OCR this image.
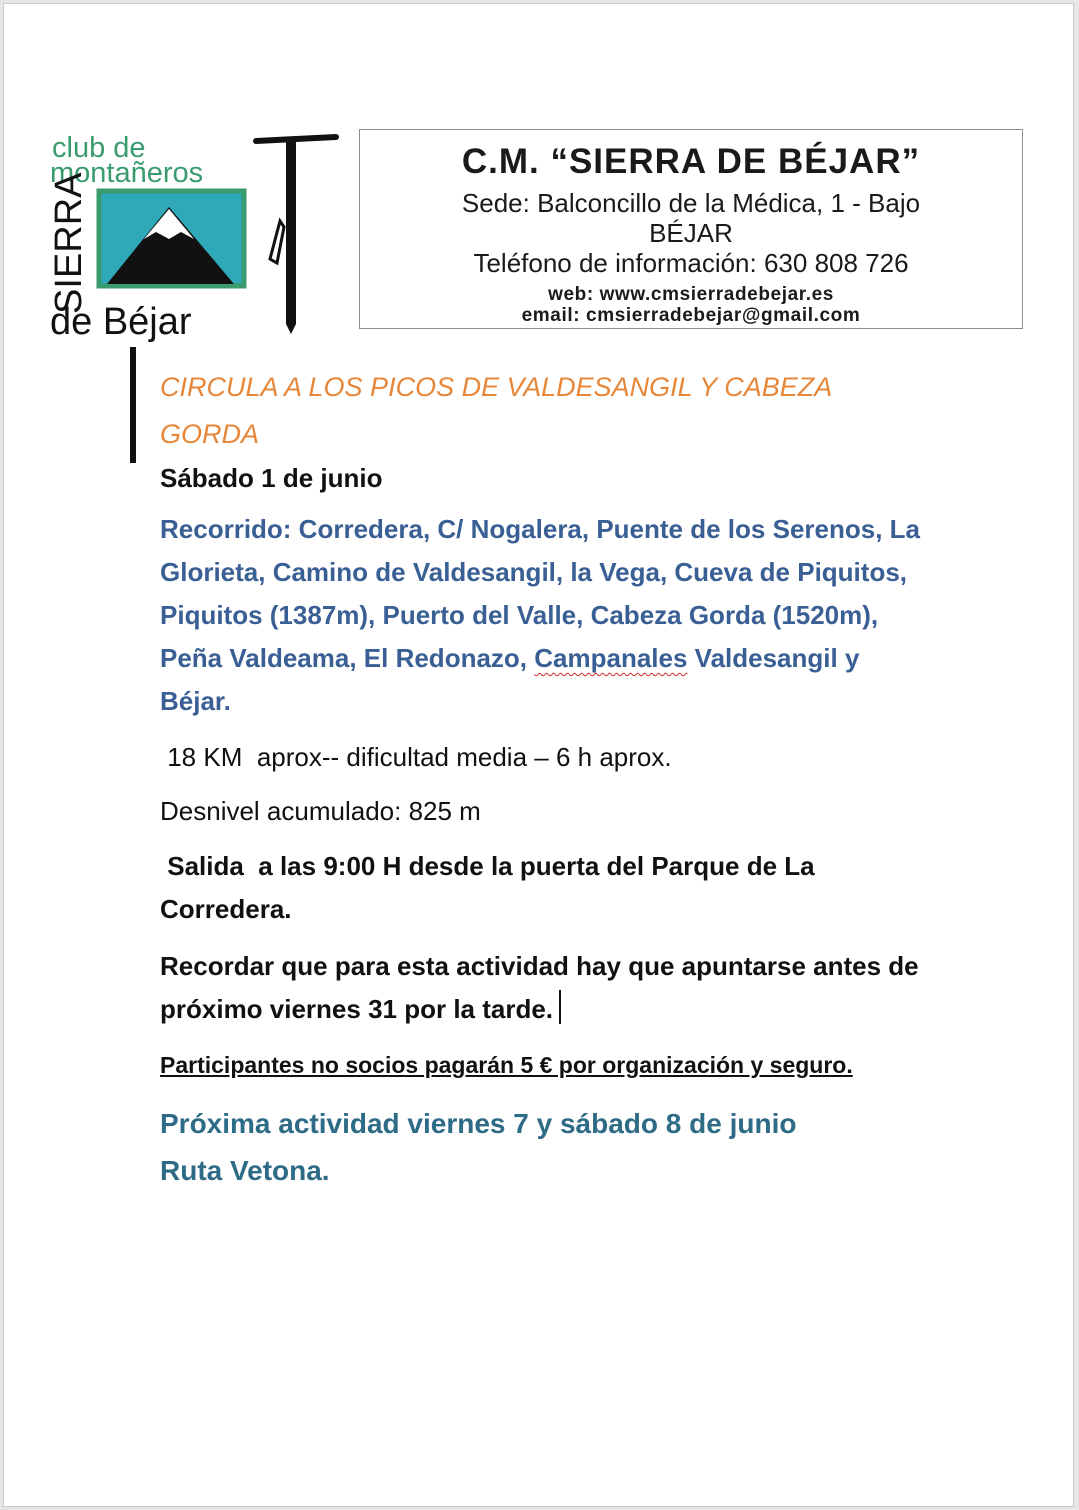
club de
montañeros
SIERRA
de Béjar
C.M. “SIERRA DE BÉJAR”
Sede: Balconcillo de la Médica, 1 - Bajo
BÉJAR
Teléfono de información: 630 808 726
web: www.cmsierradebejar.es
email: cmsierradebejar@gmail.com

CIRCULA A LOS PICOS DE VALDESANGIL Y CABEZA GORDA

Sábado 1 de junio

Recorrido: Corredera, C/ Nogalera, Puente de los Serenos, La Glorieta, Camino de Valdesangil, la Vega, Cueva de Piquitos, Piquitos (1387m), Puerto del Valle, Cabeza Gorda (1520m), Peña Valdeama, El Redonazo, Campanales Valdesangil y Béjar.

18 KM  aprox-- dificultad media – 6 h aprox.

Desnivel acumulado: 825 m

Salida  a las 9:00 H desde la puerta del Parque de La Corredera.

Recordar que para esta actividad hay que apuntarse antes de próximo viernes 31 por la tarde.

Participantes no socios pagarán 5 € por organización y seguro.

Próxima actividad viernes 7 y sábado 8 de junio
Ruta Vetona.
